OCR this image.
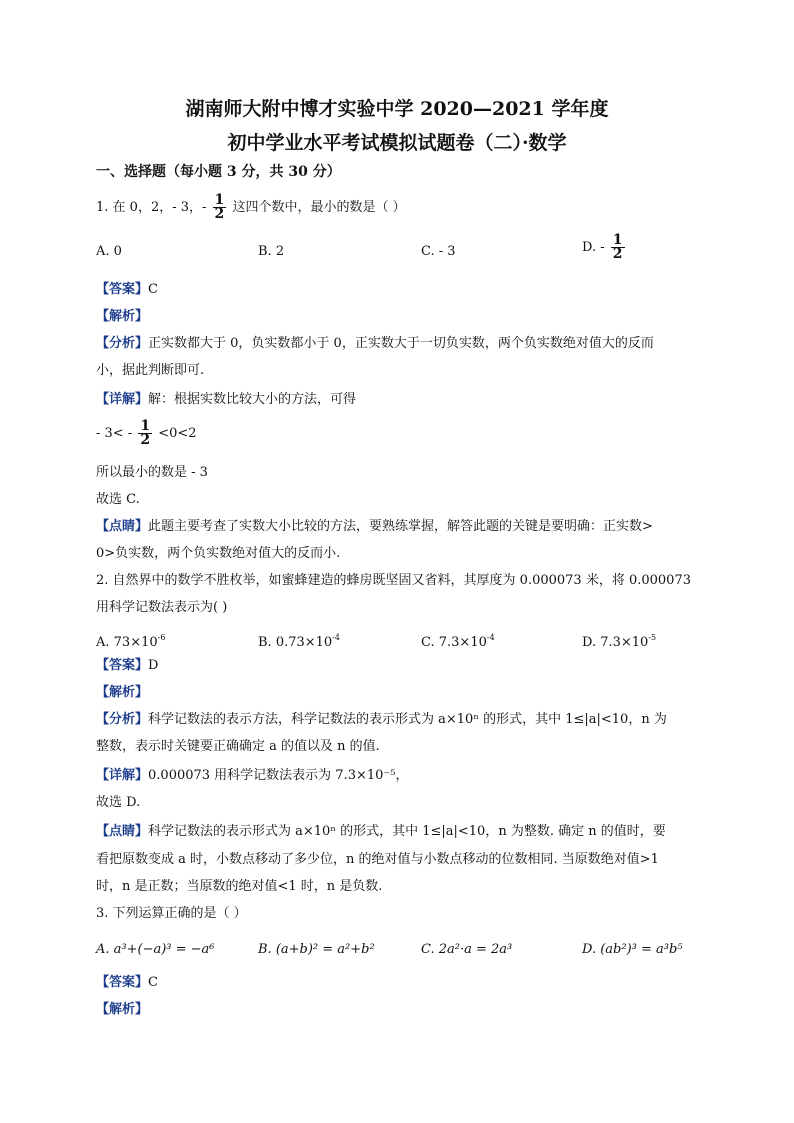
湖南师大附中博才实验中学 2020—2021 学年度
初中学业水平考试模拟试题卷（二）·数学
一、选择题（每小题 3 分，共 30 分）
1. 在 0，2，- 3，- $\frac{1}{2}$ 这四个数中，最小的数是（ ）
A. 0	B. 2	C. - 3	D. - $\frac{1}{2}$
【答案】C
【解析】
【分析】正实数都大于 0，负实数都小于 0，正实数大于一切负实数，两个负实数绝对值大的反而
小，据此判断即可.
【详解】解：根据实数比较大小的方法，可得
- $3< - \frac{1}{2} <0<2$
所以最小的数是 - 3
故选 C.
【点睛】此题主要考查了实数大小比较的方法，要熟练掌握，解答此题的关键是要明确：正实数>
0>负实数，两个负实数绝对值大的反而小.
2. 自然界中的数学不胜枚举，如蜜蜂建造的蜂房既坚固又省料，其厚度为 0.000073 米，将 0.000073
用科学记数法表示为( )
A. $73\times 10^{-6}$	B. $0.73\times 10^{-4}$	C. $7.3\times 10^{-4}$	D. $7.3\times 10^{-5}$
【答案】D
【解析】
【分析】科学记数法的表示方法，科学记数法的表示形式为 a×10ⁿ 的形式，其中 1≤|a|<10，n 为
整数，表示时关键要正确确定 a 的值以及 n 的值.
【详解】0.000073 用科学记数法表示为 7.3×10⁻⁵，
故选 D.
【点睛】科学记数法的表示形式为 a×10ⁿ 的形式，其中 1≤|a|<10，n 为整数. 确定 n 的值时，要
看把原数变成 a 时，小数点移动了多少位，n 的绝对值与小数点移动的位数相同. 当原数绝对值>1
时，n 是正数；当原数的绝对值<1 时，n 是负数.
3. 下列运算正确的是（ ）
A. a³+(−a)³ = −a⁶	B. (a+b)² = a²+b²	C. 2a²·a = 2a³	D. (ab²)³ = a³b⁵
【答案】C
【解析】
